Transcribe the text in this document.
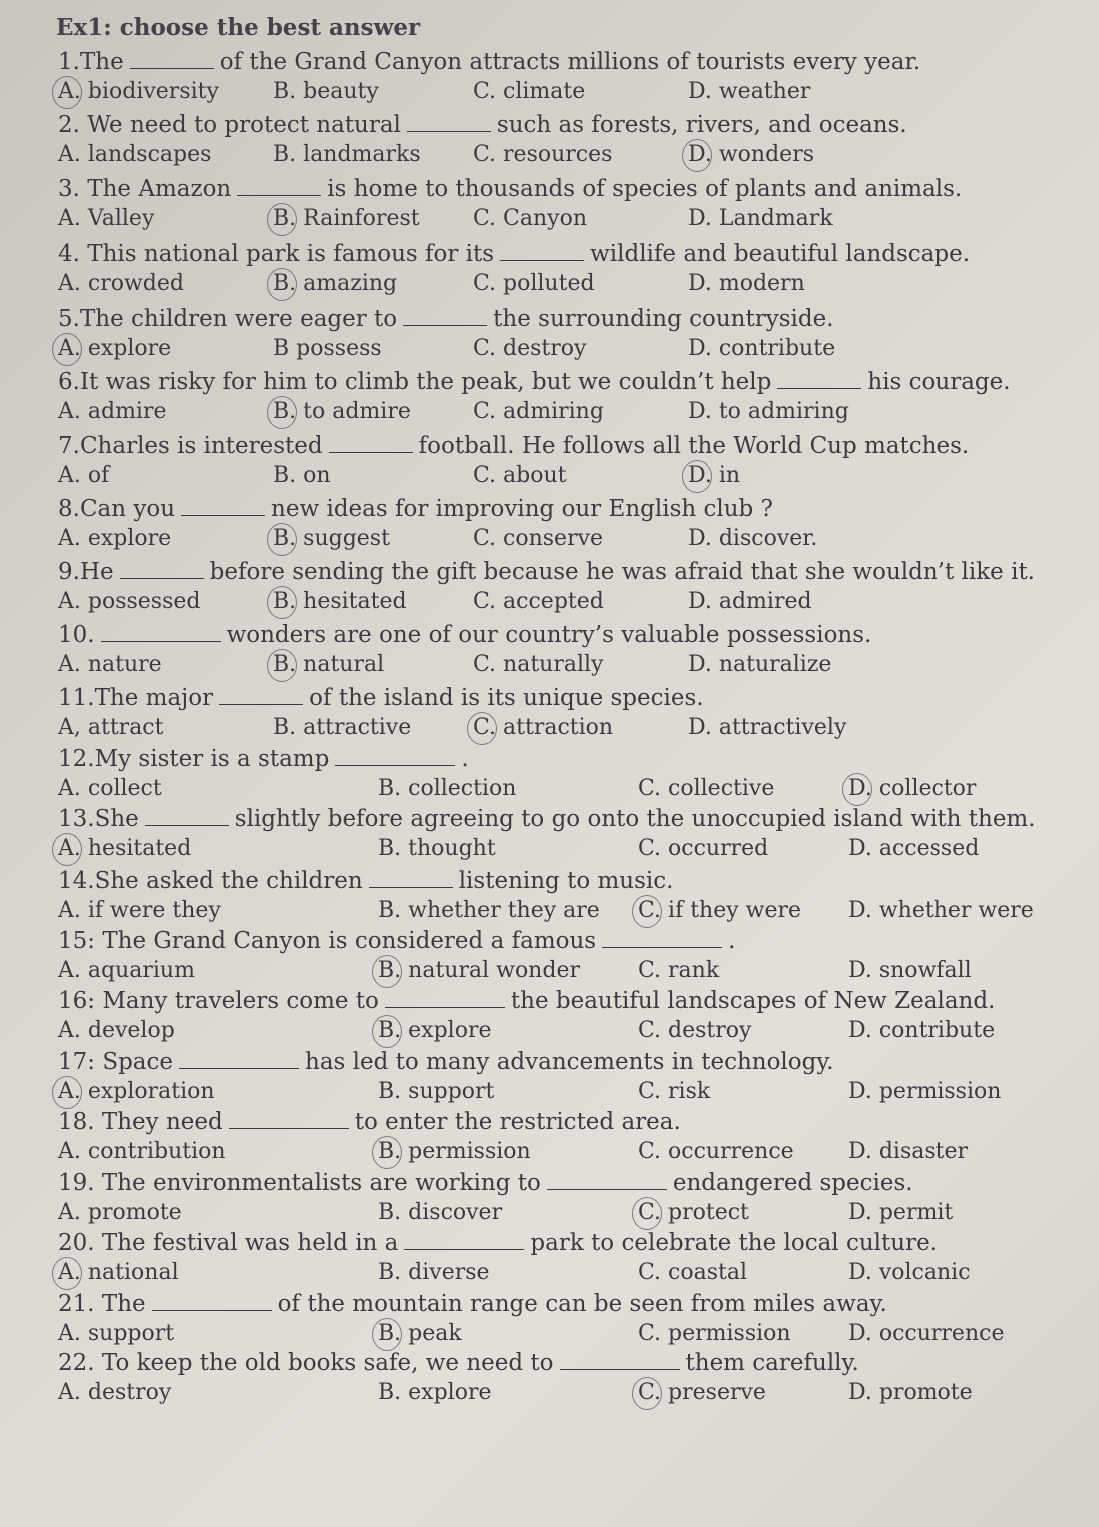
Ex1: choose the best answer
1.The	of the Grand Canyon attracts millions of tourists every year.
A. biodiversity B. beauty	C. climate	D. weather
2. We need to protect natural	such as forests, rivers, and oceans.
A. landscapes	B. landmarks C. resources	D. wonders
3. The Amazon	is home to thousands of species of plants and animals.
A. Valley	B. Rainforest C. Canyon	D. Landmark
4. This national park is famous for its	wildlife and beautiful landscape.
A. crowded	B. amazing	C. polluted	D. modern
5.The children were eager to	the surrounding countryside.
A. explore	B possess	C. destroy	D. contribute
6.It was risky for him to climb the peak, but we couldn’t help	his courage.
A. admire	B. to admire	C. admiring	D. to admiring
7.Charles is interested	football. He follows all the World Cup matches.
A. of	B. on	C. about	D. in
8.Can you	new ideas for improving our English club ?
A. explore	B. suggest	C. conserve	D. discover.
9.He	before sending the gift because he was afraid that she wouldn’t like it.
A. possessed	B. hesitated	C. accepted	D. admired
10.	wonders are one of our country’s valuable possessions.
A. nature	B. natural	C. naturally	D. naturalize
11.The major	of the island is its unique species.
A, attract	B. attractive	C. attraction	D. attractively
12.My sister is a stamp	.
A. collect	B. collection	C. collective	D. collector
13.She	slightly before agreeing to go onto the unoccupied island with them.
A. hesitated	B. thought	C. occurred	D. accessed
14.She asked the children	listening to music.
A. if were they	B. whether they are C. if they were D. whether were
15: The Grand Canyon is considered a famous	.
A. aquarium	B. natural wonder	C. rank	D. snowfall
16: Many travelers come to	the beautiful landscapes of New Zealand.
A. develop	B. explore	C. destroy	D. contribute
17: Space	has led to many advancements in technology.
A. exploration	B. support	C. risk	D. permission
18. They need	to enter the restricted area.
A. contribution	B. permission	C. occurrence D. disaster
19. The environmentalists are working to	endangered species.
A. promote	B. discover	C. protect	D. permit
20. The festival was held in a	park to celebrate the local culture.
A. national	B. diverse	C. coastal	D. volcanic
21. The	of the mountain range can be seen from miles away.
A. support	B. peak	C. permission	D. occurrence
22. To keep the old books safe, we need to	them carefully.
A. destroy	B. explore	C. preserve	D. promote
